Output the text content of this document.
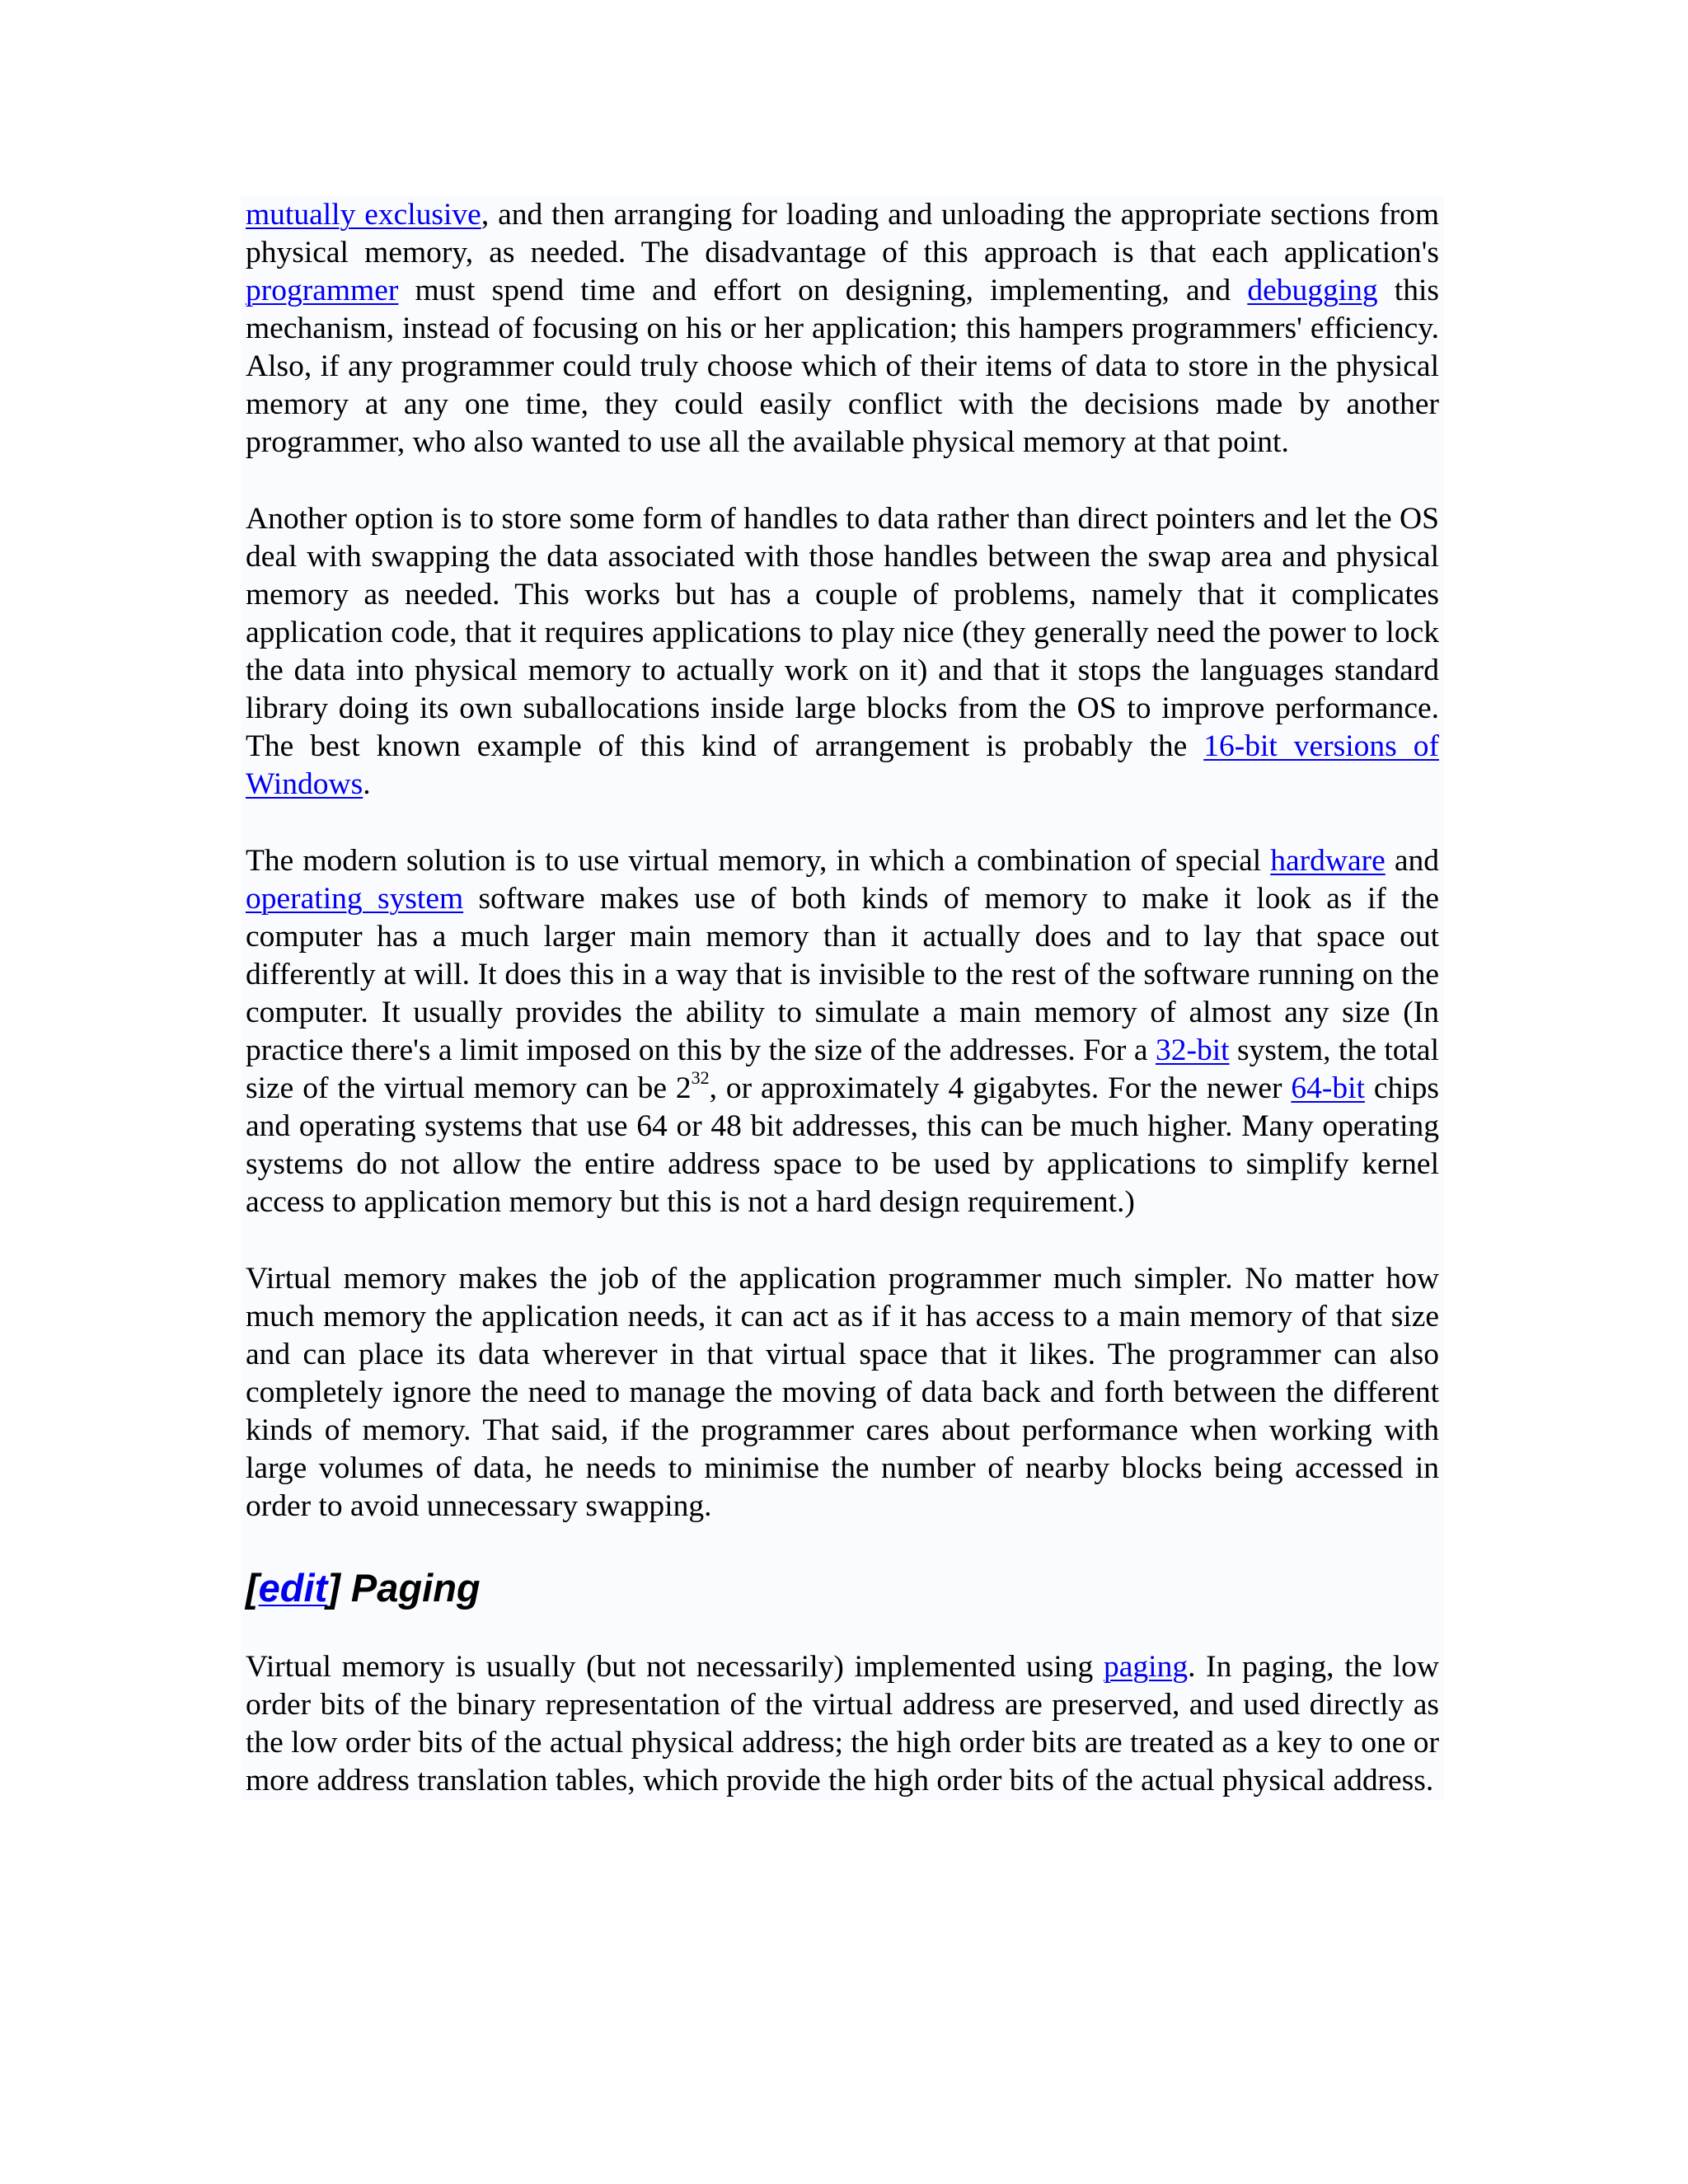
mutually exclusive, and then arranging for loading and unloading the appropriate sections from physical memory, as needed. The disadvantage of this approach is that each application's programmer must spend time and effort on designing, implementing, and debugging this mechanism, instead of focusing on his or her application; this hampers programmers' efficiency. Also, if any programmer could truly choose which of their items of data to store in the physical memory at any one time, they could easily conflict with the decisions made by another programmer, who also wanted to use all the available physical memory at that point.

Another option is to store some form of handles to data rather than direct pointers and let the OS deal with swapping the data associated with those handles between the swap area and physical memory as needed. This works but has a couple of problems, namely that it complicates application code, that it requires applications to play nice (they generally need the power to lock the data into physical memory to actually work on it) and that it stops the languages standard library doing its own suballocations inside large blocks from the OS to improve performance. The best known example of this kind of arrangement is probably the 16-bit versions of Windows.

The modern solution is to use virtual memory, in which a combination of special hardware and operating system software makes use of both kinds of memory to make it look as if the computer has a much larger main memory than it actually does and to lay that space out differently at will. It does this in a way that is invisible to the rest of the software running on the computer. It usually provides the ability to simulate a main memory of almost any size (In practice there's a limit imposed on this by the size of the addresses. For a 32-bit system, the total size of the virtual memory can be $2^{32}$, or approximately 4 gigabytes. For the newer 64-bit chips and operating systems that use 64 or 48 bit addresses, this can be much higher. Many operating systems do not allow the entire address space to be used by applications to simplify kernel access to application memory but this is not a hard design requirement.)

Virtual memory makes the job of the application programmer much simpler. No matter how much memory the application needs, it can act as if it has access to a main memory of that size and can place its data wherever in that virtual space that it likes. The programmer can also completely ignore the need to manage the moving of data back and forth between the different kinds of memory. That said, if the programmer cares about performance when working with large volumes of data, he needs to minimise the number of nearby blocks being accessed in order to avoid unnecessary swapping.

[edit] Paging

Virtual memory is usually (but not necessarily) implemented using paging. In paging, the low order bits of the binary representation of the virtual address are preserved, and used directly as the low order bits of the actual physical address; the high order bits are treated as a key to one or more address translation tables, which provide the high order bits of the actual physical address.
